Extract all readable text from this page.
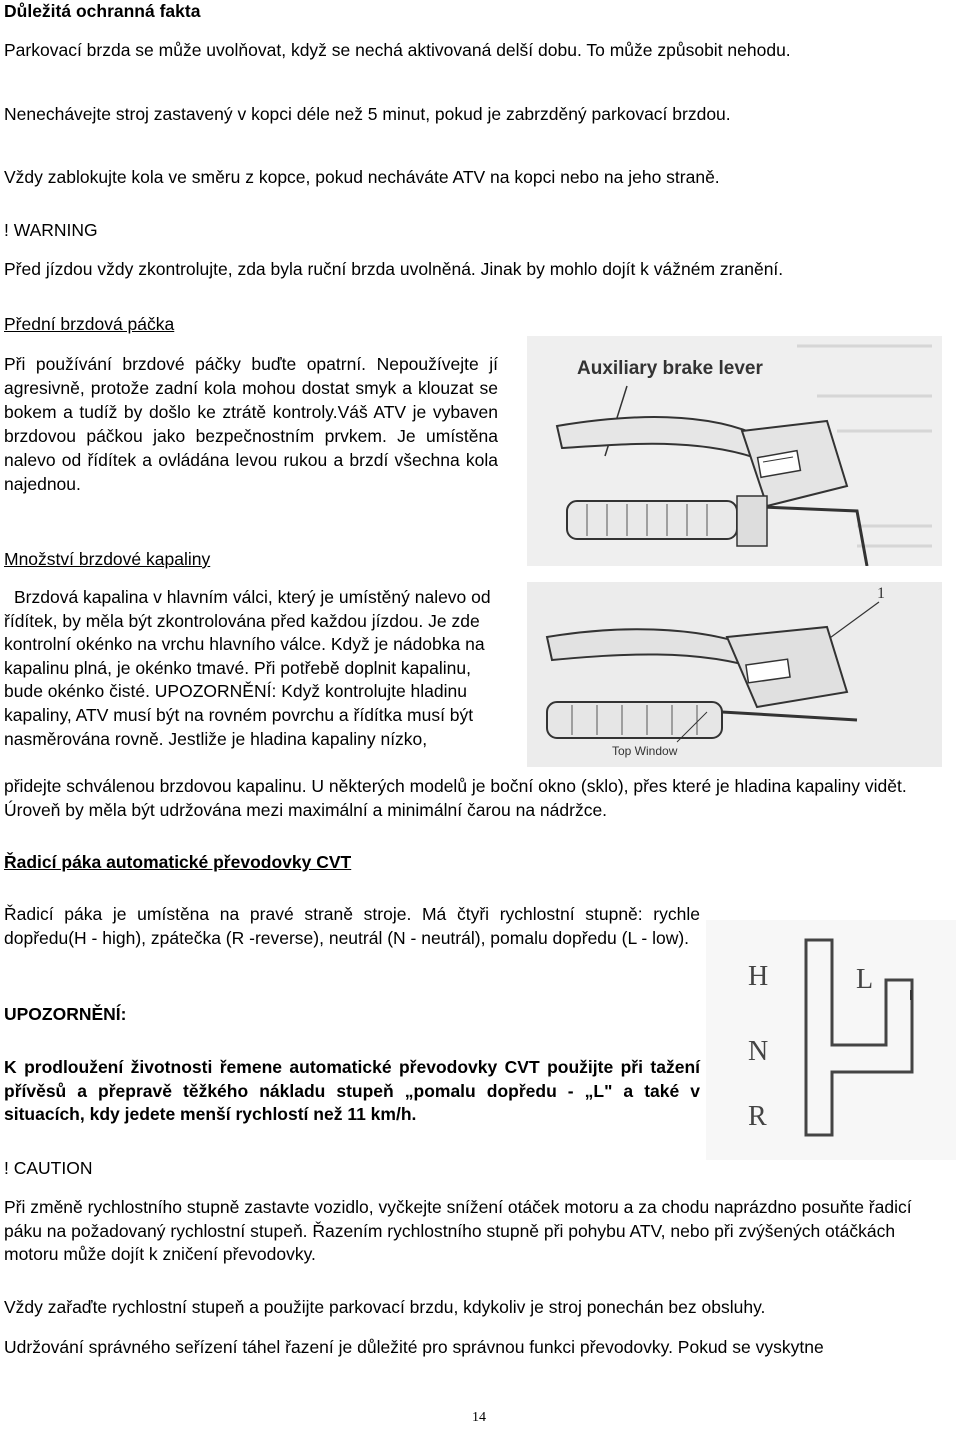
Důležitá ochranná fakta
Parkovací brzda se může uvolňovat, když se nechá aktivovaná delší dobu. To může způsobit nehodu.
Nenechávejte stroj zastavený v kopci déle než 5 minut, pokud je zabrzděný parkovací brzdou.
Vždy zablokujte kola ve směru z kopce, pokud necháváte ATV na kopci nebo na jeho straně.
! WARNING
Před jízdou vždy zkontrolujte, zda byla ruční brzda uvolněná. Jinak by mohlo dojít k vážném zranění.
Přední brzdová páčka
Při používání brzdové páčky buďte opatrní. Nepoužívejte jí agresivně, protože zadní kola mohou dostat smyk a klouzat se bokem a tudíž by došlo ke ztrátě kontroly.Váš ATV je vybaven brzdovou páčkou jako bezpečnostním prvkem. Je umístěna nalevo od řídítek a ovládána levou rukou a brzdí všechna kola najednou.
Auxiliary brake lever
Množství brzdové kapaliny
Brzdová kapalina v hlavním válci, který je umístěný nalevo od řídítek, by měla být zkontrolována před každou jízdou. Je zde kontrolní okénko na vrchu hlavního válce. Když je nádobka na kapalinu plná, je okénko tmavé. Při potřebě doplnit kapalinu, bude okénko čisté. UPOZORNĚNÍ: Když kontrolujte hladinu kapaliny, ATV musí být na rovném povrchu a řídítka musí být nasměrována rovně. Jestliže je hladina kapaliny nízko,
přidejte schválenou brzdovou kapalinu. U některých modelů je boční okno (sklo), přes které je hladina kapaliny vidět. Úroveň by měla být udržována mezi maximální a minimální čarou na nádržce.
1
Top Window
Řadicí páka automatické převodovky CVT
Řadicí páka je umístěna na pravé straně stroje. Má čtyři rychlostní stupně: rychle dopředu(H - high), zpátečka (R -reverse), neutrál (N - neutrál), pomalu dopředu (L - low).
UPOZORNĚNÍ:
K prodloužení životnosti řemene automatické převodovky CVT použijte při tažení přívěsů a přepravě těžkého nákladu stupeň „pomalu dopředu - „L" a také v situacích, kdy jedete menší rychlostí než 11 km/h.
H
N
R
L
! CAUTION
Při změně rychlostního stupně zastavte vozidlo, vyčkejte snížení otáček motoru a za chodu naprázdno posuňte řadicí páku na požadovaný rychlostní stupeň. Řazením rychlostního stupně při pohybu ATV, nebo při zvýšených otáčkách motoru může dojít k zničení převodovky.
Vždy zařaďte rychlostní stupeň a použijte parkovací brzdu, kdykoliv je stroj ponechán bez obsluhy.
Udržování správného seřízení táhel řazení je důležité pro správnou funkci převodovky. Pokud se vyskytne
14
